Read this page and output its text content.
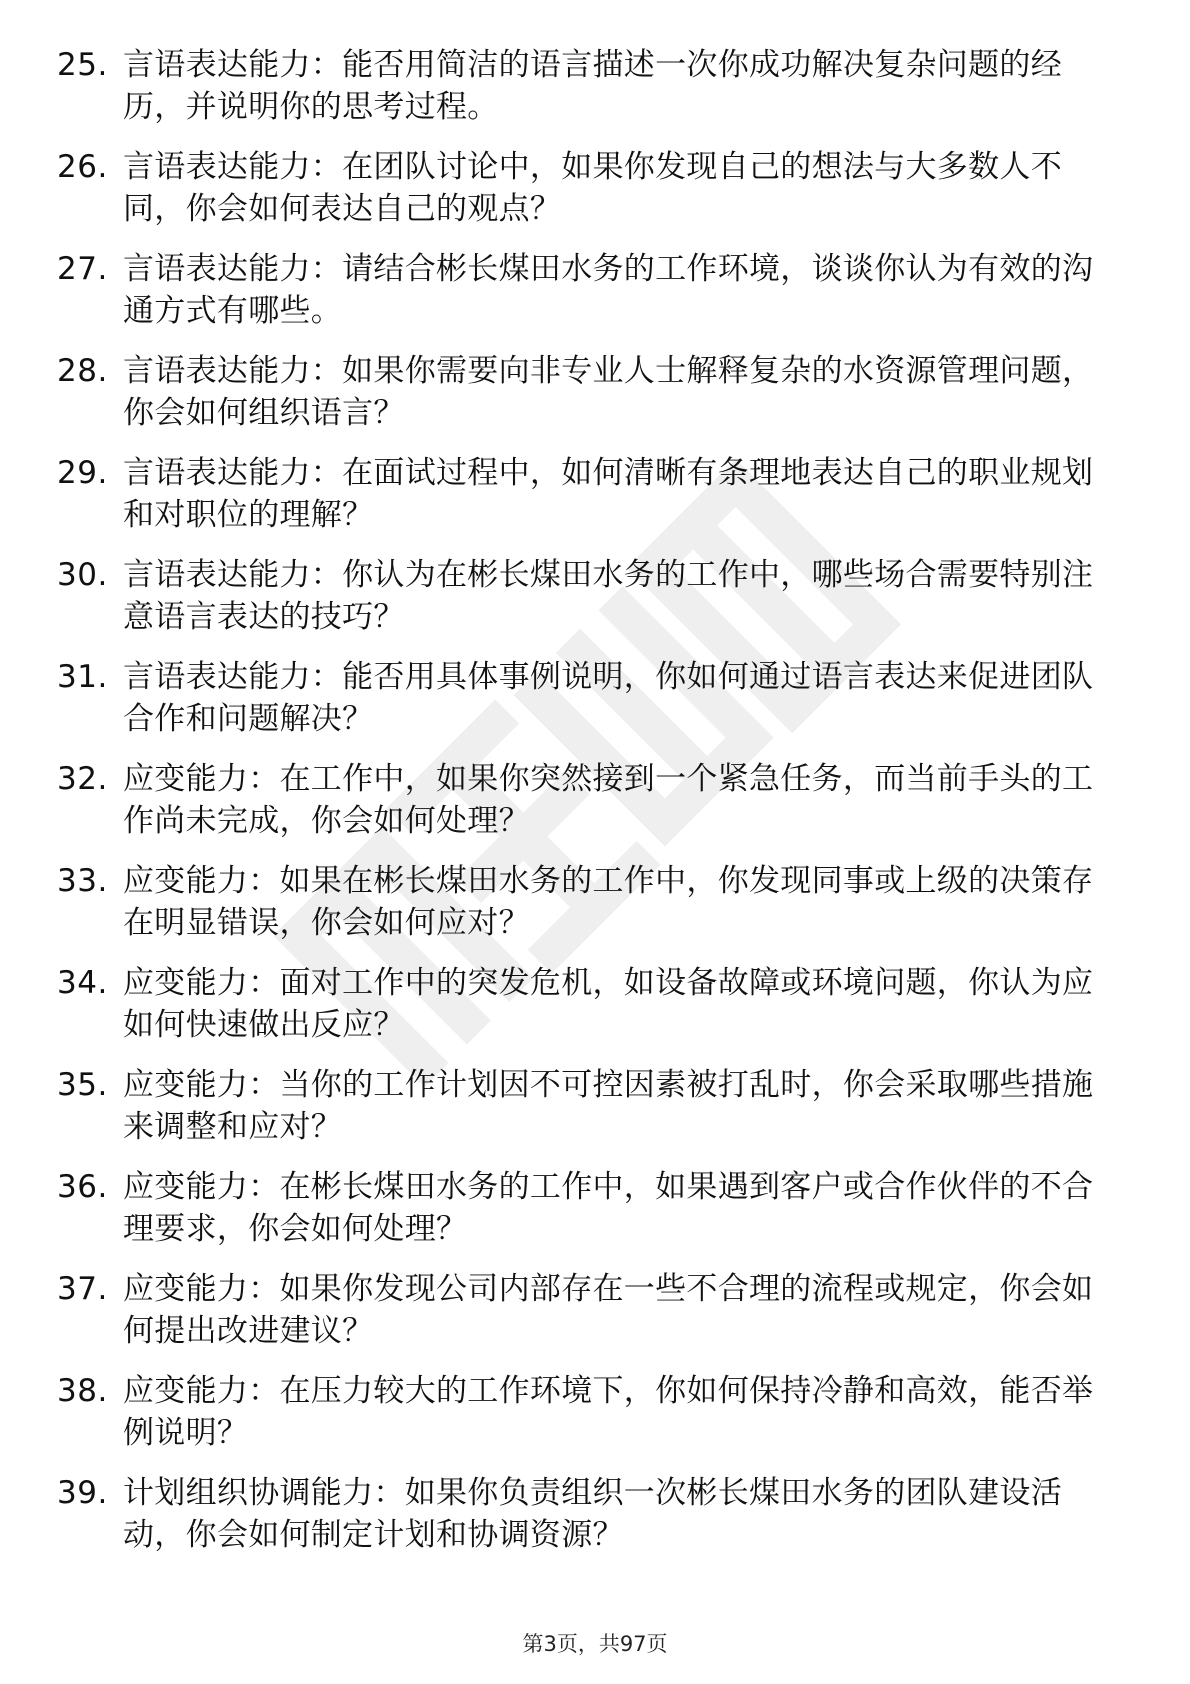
25. 言语表达能力：能否用简洁的语言描述一次你成功解决复杂问题的经历，并说明你的思考过程。
26. 言语表达能力：在团队讨论中，如果你发现自己的想法与大多数人不同，你会如何表达自己的观点？
27. 言语表达能力：请结合彬长煤田水务的工作环境，谈谈你认为有效的沟通方式有哪些。
28. 言语表达能力：如果你需要向非专业人士解释复杂的水资源管理问题，你会如何组织语言？
29. 言语表达能力：在面试过程中，如何清晰有条理地表达自己的职业规划和对职位的理解？
30. 言语表达能力：你认为在彬长煤田水务的工作中，哪些场合需要特别注意语言表达的技巧？
31. 言语表达能力：能否用具体事例说明，你如何通过语言表达来促进团队合作和问题解决？
32. 应变能力：在工作中，如果你突然接到一个紧急任务，而当前手头的工作尚未完成，你会如何处理？
33. 应变能力：如果在彬长煤田水务的工作中，你发现同事或上级的决策存在明显错误，你会如何应对？
34. 应变能力：面对工作中的突发危机，如设备故障或环境问题，你认为应如何快速做出反应？
35. 应变能力：当你的工作计划因不可控因素被打乱时，你会采取哪些措施来调整和应对？
36. 应变能力：在彬长煤田水务的工作中，如果遇到客户或合作伙伴的不合理要求，你会如何处理？
37. 应变能力：如果你发现公司内部存在一些不合理的流程或规定，你会如何提出改进建议？
38. 应变能力：在压力较大的工作环境下，你如何保持冷静和高效，能否举例说明？
39. 计划组织协调能力：如果你负责组织一次彬长煤田水务的团队建设活动，你会如何制定计划和协调资源？
第3页，共97页
